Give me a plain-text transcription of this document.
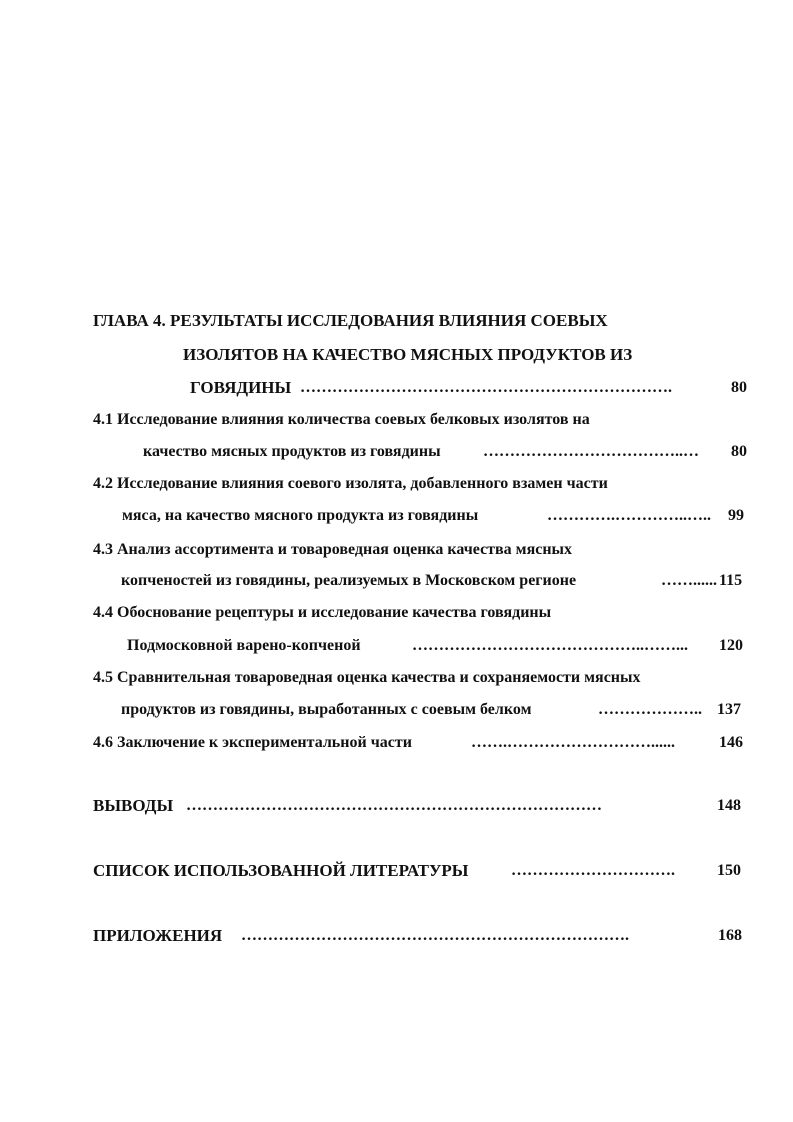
ГЛАВА 4. РЕЗУЛЬТАТЫ ИССЛЕДОВАНИЯ ВЛИЯНИЯ СОЕВЫХ
ИЗОЛЯТОВ НА КАЧЕСТВО МЯСНЫХ ПРОДУКТОВ ИЗ
ГОВЯДИНЫ …………………………………………………………….	80
4.1 Исследование влияния количества соевых белковых изолятов на
качество мясных продуктов из говядины	………………………………..…	80
4.2 Исследование влияния соевого изолята, добавленного взамен части
мяса, на качество мясного продукта из говядины	………….…………..…..	99
4.3 Анализ ассортимента и товароведная оценка качества мясных
копченостей из говядины, реализуемых в Московском регионе	……...... 115
4.4 Обоснование рецептуры и исследование качества говядины
Подмосковной варено-копченой	……………………………………..……...	120
4.5 Сравнительная товароведная оценка качества и сохраняемости мясных
продуктов из говядины, выработанных с соевым белком	……………….. 137
4.6 Заключение к экспериментальной части	…….………………………......	146
ВЫВОДЫ ……………………………………………………………………	148
СПИСОК ИСПОЛЬЗОВАННОЙ ЛИТЕРАТУРЫ	………………………….	150
ПРИЛОЖЕНИЯ ……………………………………………………………….	168
